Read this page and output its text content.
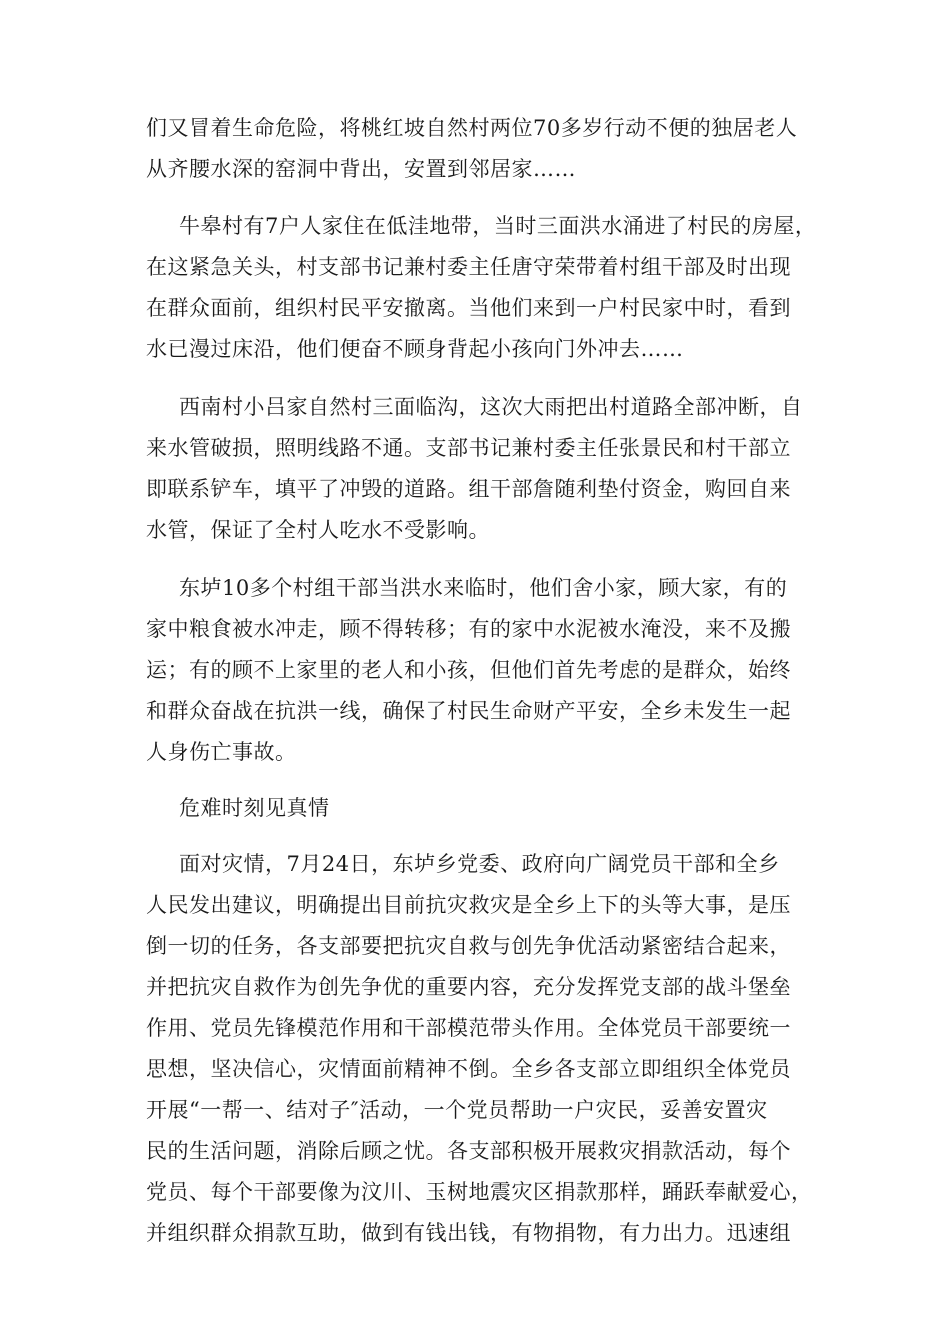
们又冒着生命危险，将桃红坡自然村两位70多岁行动不便的独居老人
从齐腰水深的窑洞中背出，安置到邻居家……
牛皋村有7户人家住在低洼地带，当时三面洪水涌进了村民的房屋，
在这紧急关头，村支部书记兼村委主任唐守荣带着村组干部及时出现
在群众面前，组织村民平安撤离。当他们来到一户村民家中时，看到
水已漫过床沿，他们便奋不顾身背起小孩向门外冲去……
西南村小吕家自然村三面临沟，这次大雨把出村道路全部冲断，自
来水管破损，照明线路不通。支部书记兼村委主任张景民和村干部立
即联系铲车，填平了冲毁的道路。组干部詹随利垫付资金，购回自来
水管，保证了全村人吃水不受影响。
东垆10多个村组干部当洪水来临时，他们舍小家，顾大家，有的
家中粮食被水冲走，顾不得转移；有的家中水泥被水淹没，来不及搬
运；有的顾不上家里的老人和小孩，但他们首先考虑的是群众，始终
和群众奋战在抗洪一线，确保了村民生命财产平安，全乡未发生一起
人身伤亡事故。
危难时刻见真情
面对灾情，7月24日，东垆乡党委、政府向广阔党员干部和全乡
人民发出建议，明确提出目前抗灾救灾是全乡上下的头等大事，是压
倒一切的任务，各支部要把抗灾自救与创先争优活动紧密结合起来，
并把抗灾自救作为创先争优的重要内容，充分发挥党支部的战斗堡垒
作用、党员先锋模范作用和干部模范带头作用。全体党员干部要统一
思想，坚决信心，灾情面前精神不倒。全乡各支部立即组织全体党员
开展“一帮一、结对子″活动，一个党员帮助一户灾民，妥善安置灾
民的生活问题，消除后顾之忧。各支部积极开展救灾捐款活动，每个
党员、每个干部要像为汶川、玉树地震灾区捐款那样，踊跃奉献爱心，
并组织群众捐款互助，做到有钱出钱，有物捐物，有力出力。迅速组
